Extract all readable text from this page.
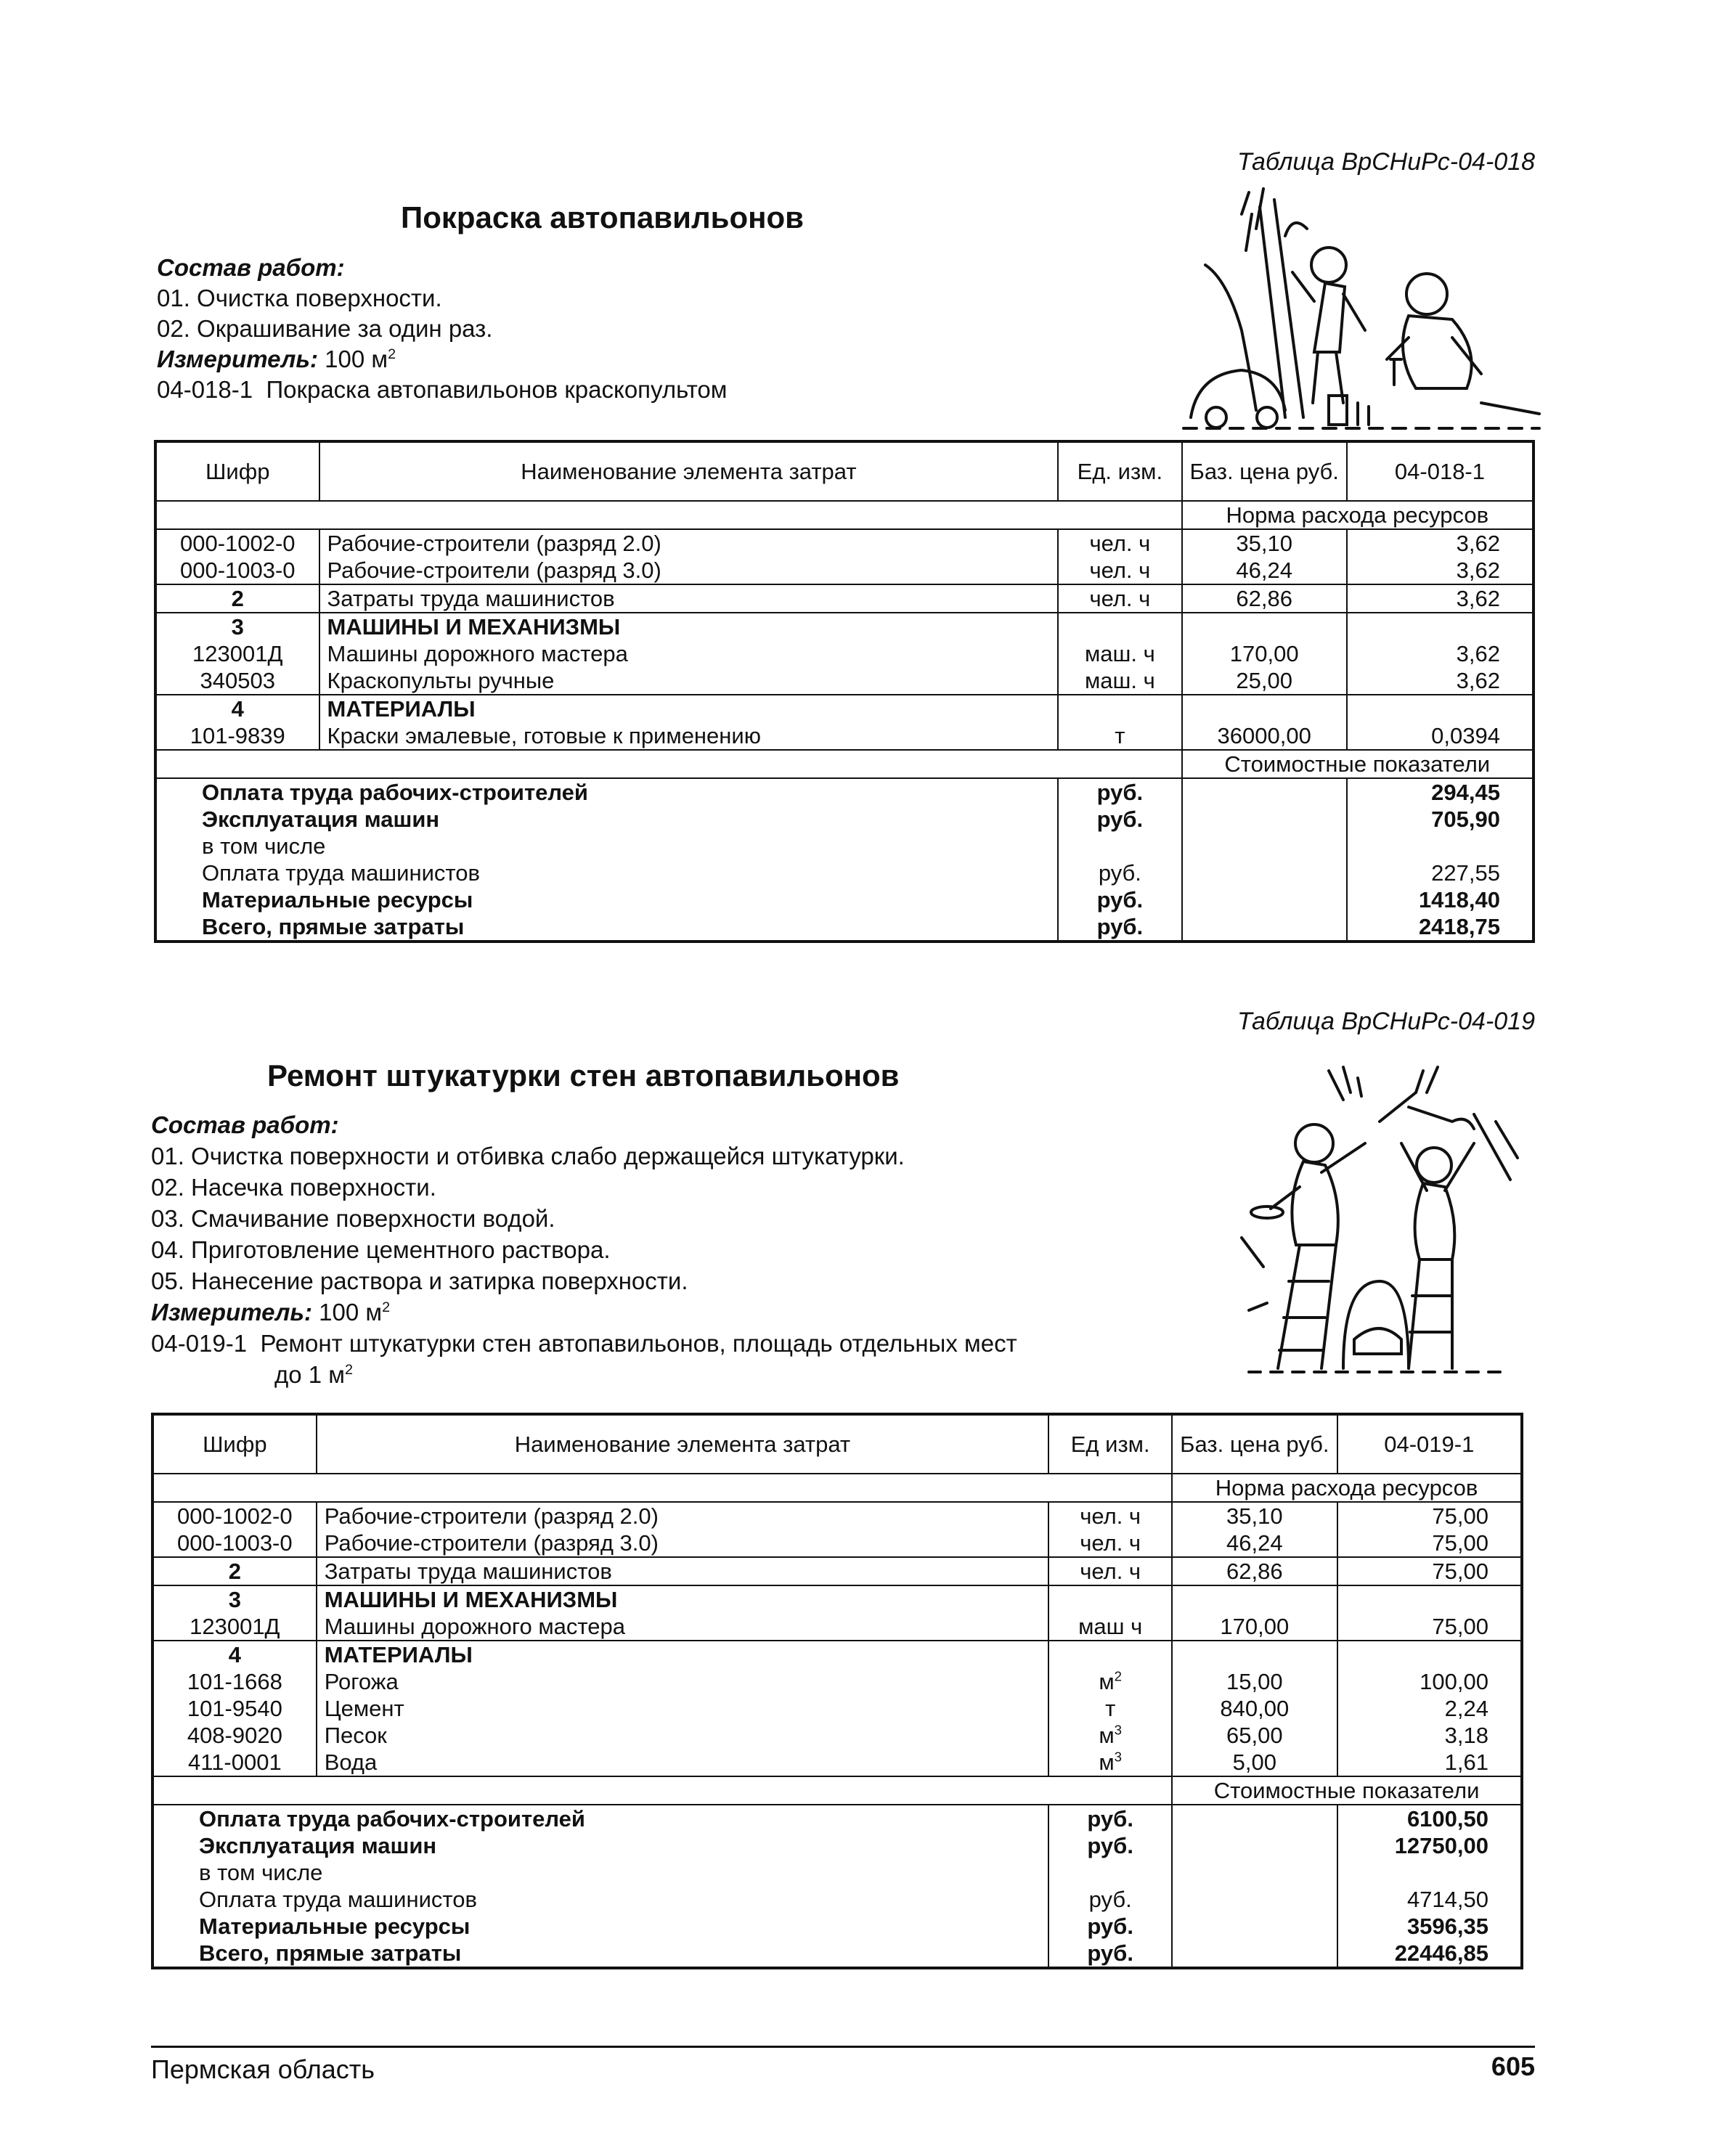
Таблица ВрСНиРс-04-018
Покраска автопавильонов
Состав работ:
01. Очистка поверхности.
02. Окрашивание за один раз.
Измеритель: 100 $м^2$
04-018-1 Покраска автопавильонов краскопультом
Шифр	Наименование элемента затрат	Ед. изм.	Баз. цена руб.	04-018-1
			Норма расхода ресурсов	
000-1002-0	Рабочие-строители (разряд 2.0)	чел. ч	35,10	3,62
000-1003-0	Рабочие-строители (разряд 3.0)	чел. ч	46,24	3,62
2	Затраты труда машинистов	чел. ч	62,86	3,62
3	МАШИНЫ И МЕХАНИЗМЫ			
123001Д	Машины дорожного мастера	маш. ч	170,00	3,62
340503	Краскопульты ручные	маш. ч	25,00	3,62
4	МАТЕРИАЛЫ			
101-9839	Краски эмалевые, готовые к применению	т	36000,00	0,0394
			Стоимостные показатели	
Оплата труда рабочих-строителей		руб.		294,45
Эксплуатация машин		руб.		705,90
в том числе				
Оплата труда машинистов		руб.		227,55
Материальные ресурсы		руб.		1418,40
Всего, прямые затраты		руб.		2418,75
Таблица ВрСНиРс-04-019
Ремонт штукатурки стен автопавильонов
Состав работ:
01. Очистка поверхности и отбивка слабо держащейся штукатурки.
02. Насечка поверхности.
03. Смачивание поверхности водой.
04. Приготовление цементного раствора.
05. Нанесение раствора и затирка поверхности.
Измеритель: 100 $м^2$
04-019-1 Ремонт штукатурки стен автопавильонов, площадь отдельных мест
до 1 $м^2$
Шифр	Наименование элемента затрат	Ед изм.	Баз. цена руб.	04-019-1
			Норма расхода ресурсов	
000-1002-0	Рабочие-строители (разряд 2.0)	чел. ч	35,10	75,00
000-1003-0	Рабочие-строители (разряд 3.0)	чел. ч	46,24	75,00
2	Затраты труда машинистов	чел. ч	62,86	75,00
3	МАШИНЫ И МЕХАНИЗМЫ			
123001Д	Машины дорожного мастера	маш ч	170,00	75,00
4	МАТЕРИАЛЫ			
101-1668	Рогожа	$м^2$	15,00	100,00
101-9540	Цемент	т	840,00	2,24
408-9020	Песок	$м^3$	65,00	3,18
411-0001	Вода	$м^3$	5,00	1,61
			Стоимостные показатели	
Оплата труда рабочих-строителей		руб.		6100,50
Эксплуатация машин		руб.		12750,00
в том числе				
Оплата труда машинистов		руб.		4714,50
Материальные ресурсы		руб.		3596,35
Всего, прямые затраты		руб.		22446,85
Пермская область	605
